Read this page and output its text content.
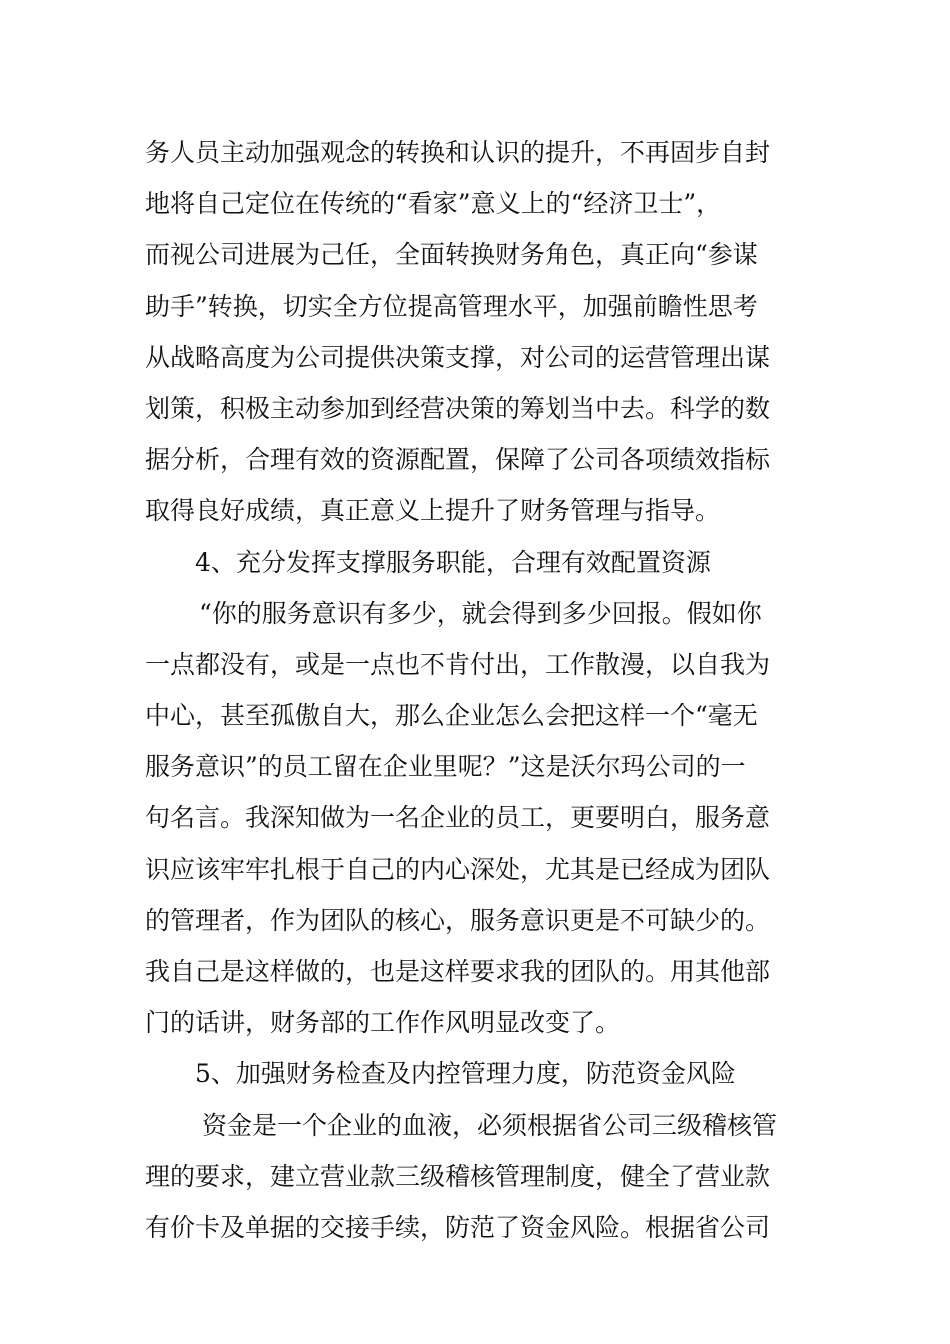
务人员主动加强观念的转换和认识的提升，不再固步自封
地将自己定位在传统的“看家”意义上的“经济卫士”，
而视公司进展为己任，全面转换财务角色，真正向“参谋
助手”转换，切实全方位提高管理水平，加强前瞻性思考
从战略高度为公司提供决策支撑，对公司的运营管理出谋
划策，积极主动参加到经营决策的筹划当中去。科学的数
据分析，合理有效的资源配置，保障了公司各项绩效指标
取得良好成绩，真正意义上提升了财务管理与指导。
4、充分发挥支撑服务职能，合理有效配置资源
“你的服务意识有多少，就会得到多少回报。假如你
一点都没有，或是一点也不肯付出，工作散漫，以自我为
中心，甚至孤傲自大，那么企业怎么会把这样一个“毫无
服务意识”的员工留在企业里呢？”这是沃尔玛公司的一
句名言。我深知做为一名企业的员工，更要明白，服务意
识应该牢牢扎根于自己的内心深处，尤其是已经成为团队
的管理者，作为团队的核心，服务意识更是不可缺少的。
我自己是这样做的，也是这样要求我的团队的。用其他部
门的话讲，财务部的工作作风明显改变了。
5、加强财务检查及内控管理力度，防范资金风险
资金是一个企业的血液，必须根据省公司三级稽核管
理的要求，建立营业款三级稽核管理制度，健全了营业款
有价卡及单据的交接手续，防范了资金风险。根据省公司
